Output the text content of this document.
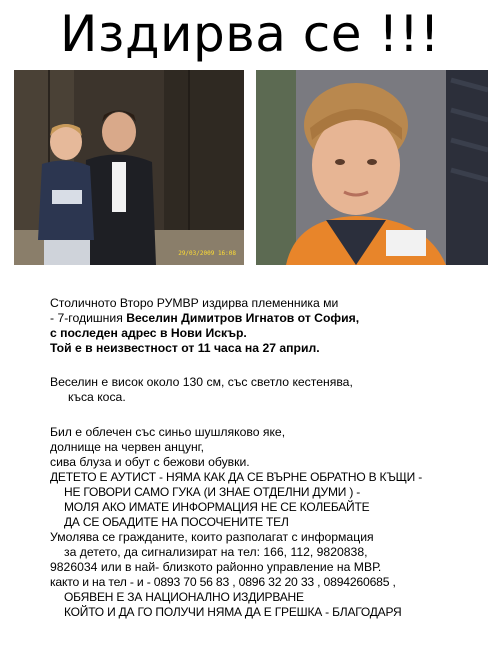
Издирва се !!!
29/03/2009 16:08
Столичното Второ РУМВР издирва племенника ми
- 7-годишния Веселин Димитров Игнатов от София,
с последен адрес в Нови Искър.
Той е в неизвестност от 11 часа на 27 април.
Веселин е висок около 130 см, със светло кестенява,
къса коса.
Бил е облечен със синьо шушляково яке,
долнище на червен анцунг,
сива блуза и обут с бежови обувки.
ДЕТЕТО Е АУТИСТ - НЯМА КАК ДА СЕ ВЪРНЕ ОБРАТНО В КЪЩИ -
НЕ ГОВОРИ САМО ГУКА (И ЗНАЕ ОТДЕЛНИ ДУМИ ) -
МОЛЯ АКО ИМАТЕ ИНФОРМАЦИЯ НЕ СЕ КОЛЕБАЙТЕ
ДА СЕ ОБАДИТЕ НА ПОСОЧЕНИТЕ ТЕЛ
Умолява се гражданите, които разполагат с информация
за детето, да сигнализират на тел: 166, 112, 9820838,
9826034 или в най- близкото районно управление на МВР.
както и на тел - и - 0893 70 56 83 , 0896 32 20 33 , 0894260685 ,
ОБЯВЕН Е ЗА НАЦИОНАЛНО ИЗДИРВАНЕ
КОЙТО И ДА ГО ПОЛУЧИ НЯМА ДА Е ГРЕШКА - БЛАГОДАРЯ
